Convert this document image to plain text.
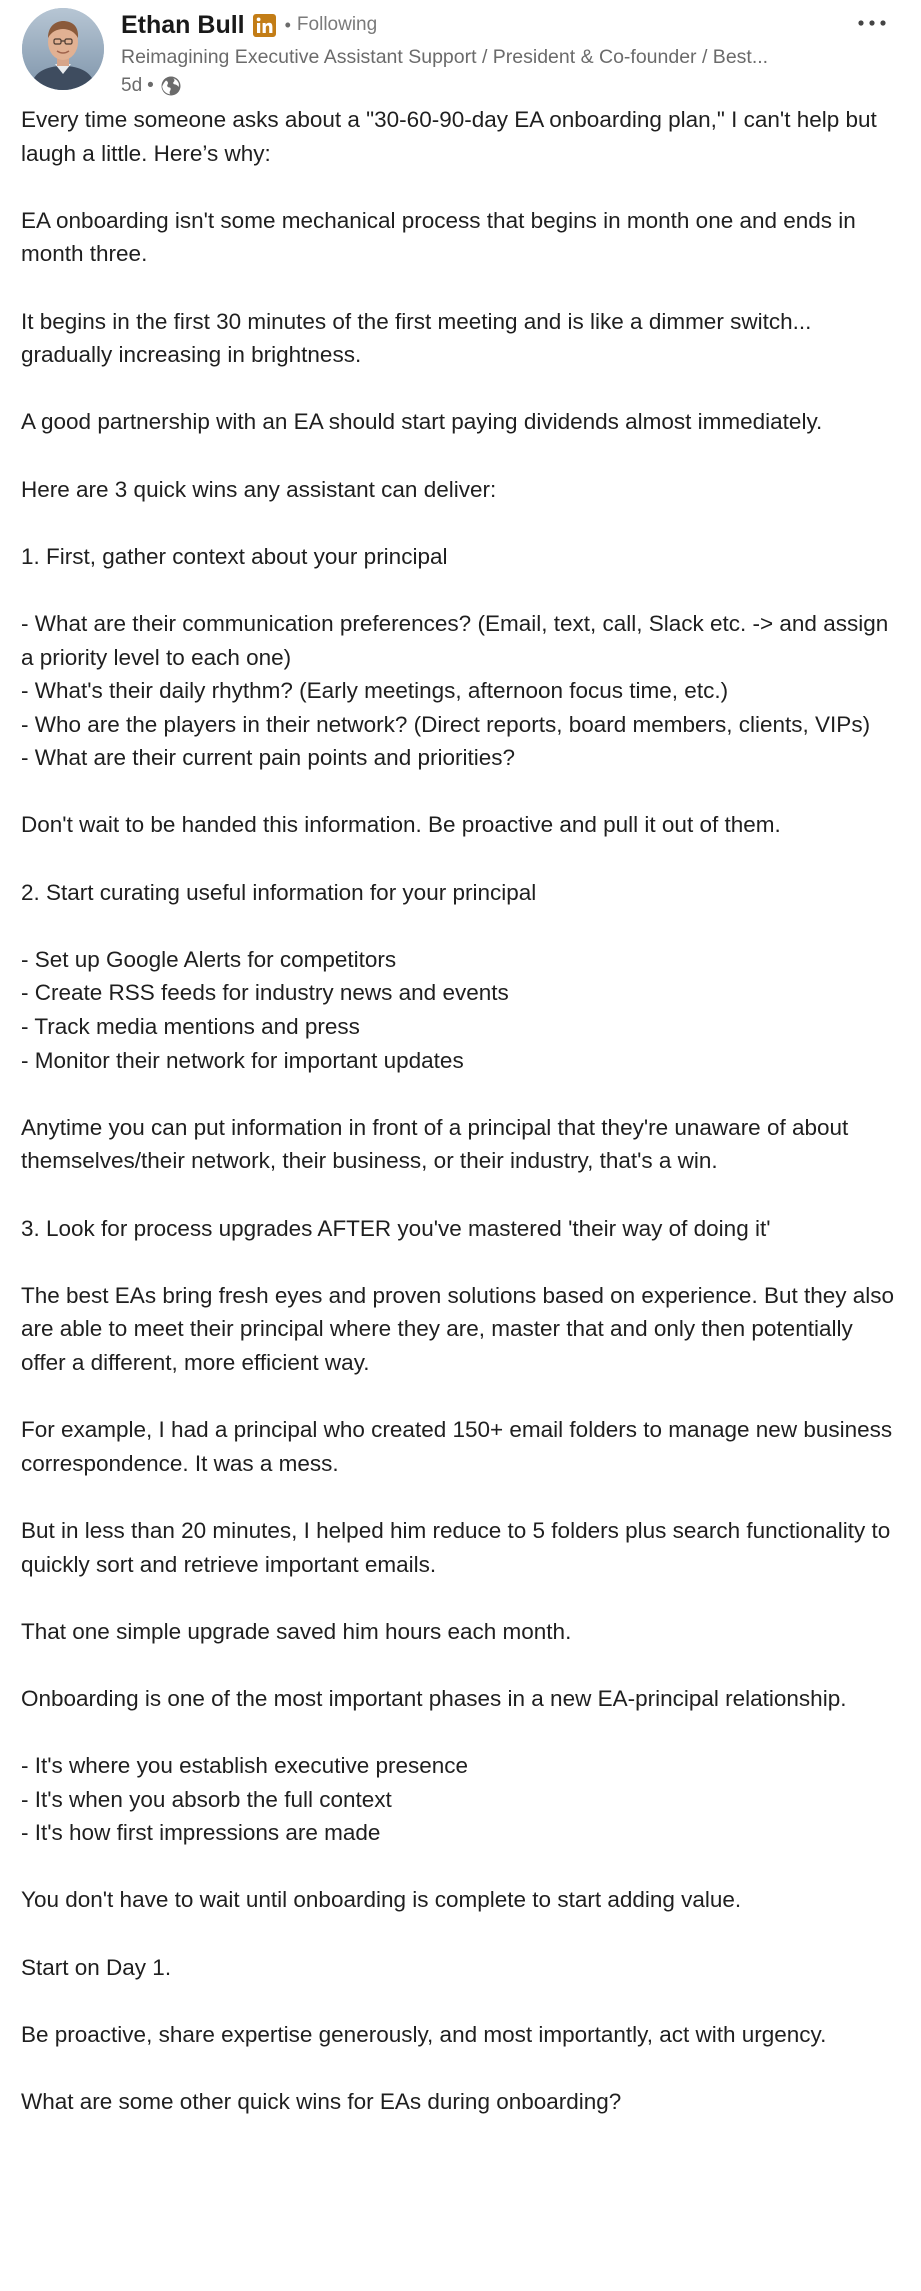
Ethan Bull • Following
Reimagining Executive Assistant Support / President & Co-founder / Best...
5d •

Every time someone asks about a "30-60-90-day EA onboarding plan," I can't help but laugh a little. Here’s why:

EA onboarding isn't some mechanical process that begins in month one and ends in month three.

It begins in the first 30 minutes of the first meeting and is like a dimmer switch... gradually increasing in brightness.

A good partnership with an EA should start paying dividends almost immediately.

Here are 3 quick wins any assistant can deliver:

1. First, gather context about your principal

- What are their communication preferences? (Email, text, call, Slack etc. -> and assign a priority level to each one)
- What's their daily rhythm? (Early meetings, afternoon focus time, etc.)
- Who are the players in their network? (Direct reports, board members, clients, VIPs)
- What are their current pain points and priorities?

Don't wait to be handed this information. Be proactive and pull it out of them.

2. Start curating useful information for your principal

- Set up Google Alerts for competitors
- Create RSS feeds for industry news and events
- Track media mentions and press
- Monitor their network for important updates

Anytime you can put information in front of a principal that they're unaware of about themselves/their network, their business, or their industry, that's a win.

3. Look for process upgrades AFTER you've mastered 'their way of doing it'

The best EAs bring fresh eyes and proven solutions based on experience. But they also are able to meet their principal where they are, master that and only then potentially offer a different, more efficient way.

For example, I had a principal who created 150+ email folders to manage new business correspondence. It was a mess.

But in less than 20 minutes, I helped him reduce to 5 folders plus search functionality to quickly sort and retrieve important emails.

That one simple upgrade saved him hours each month.

Onboarding is one of the most important phases in a new EA-principal relationship.

- It's where you establish executive presence
- It's when you absorb the full context
- It's how first impressions are made

You don't have to wait until onboarding is complete to start adding value.

Start on Day 1.

Be proactive, share expertise generously, and most importantly, act with urgency.

What are some other quick wins for EAs during onboarding?
